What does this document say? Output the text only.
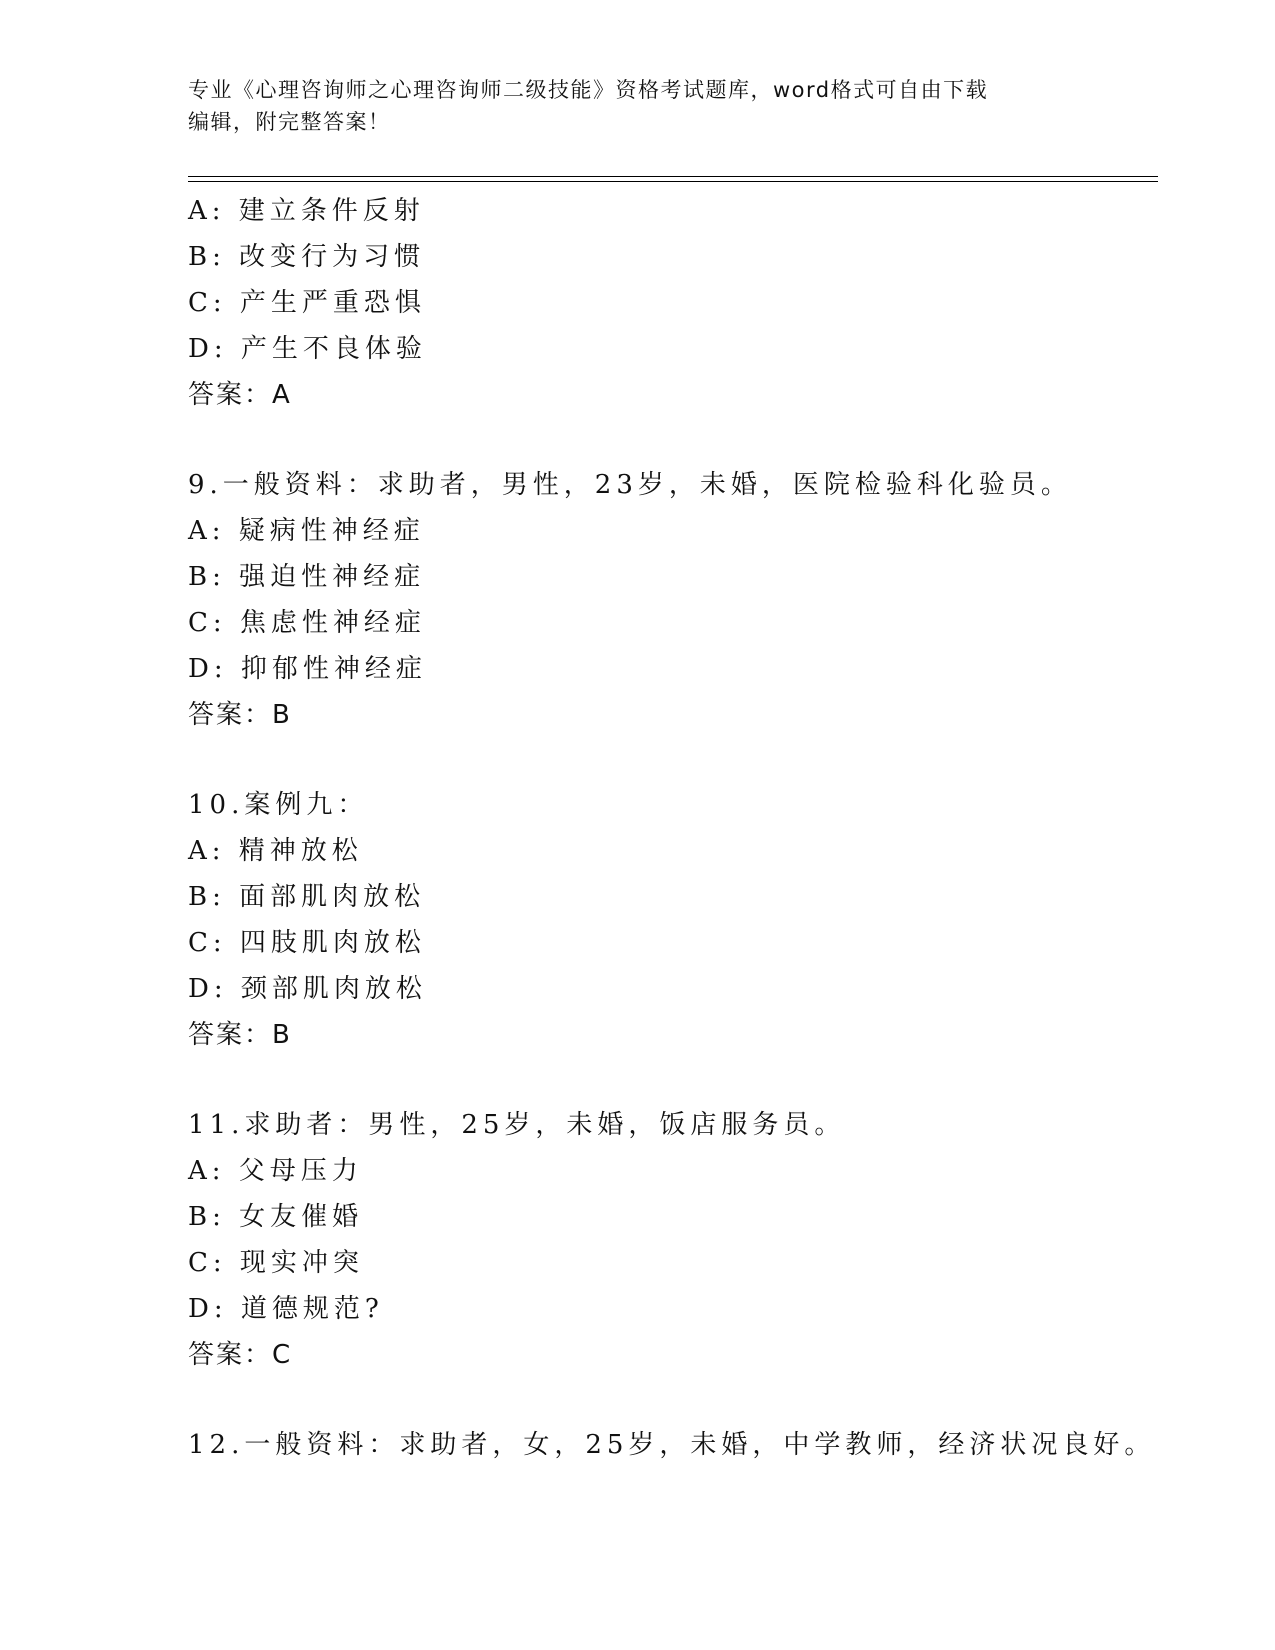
专业《心理咨询师之心理咨询师二级技能》资格考试题库，word格式可自由下载
编辑，附完整答案！
A: 建立条件反射
B: 改变行为习惯
C: 产生严重恐惧
D: 产生不良体验
答案：A
9.一般资料：求助者，男性，23岁，未婚，医院检验科化验员。
A: 疑病性神经症
B: 强迫性神经症
C: 焦虑性神经症
D: 抑郁性神经症
答案：B
10.案例九：
A: 精神放松
B: 面部肌肉放松
C: 四肢肌肉放松
D: 颈部肌肉放松
答案：B
11.求助者：男性，25岁，未婚，饭店服务员。
A: 父母压力
B: 女友催婚
C: 现实冲突
D: 道德规范?
答案：C
12.一般资料：求助者，女，25岁，未婚，中学教师，经济状况良好。
